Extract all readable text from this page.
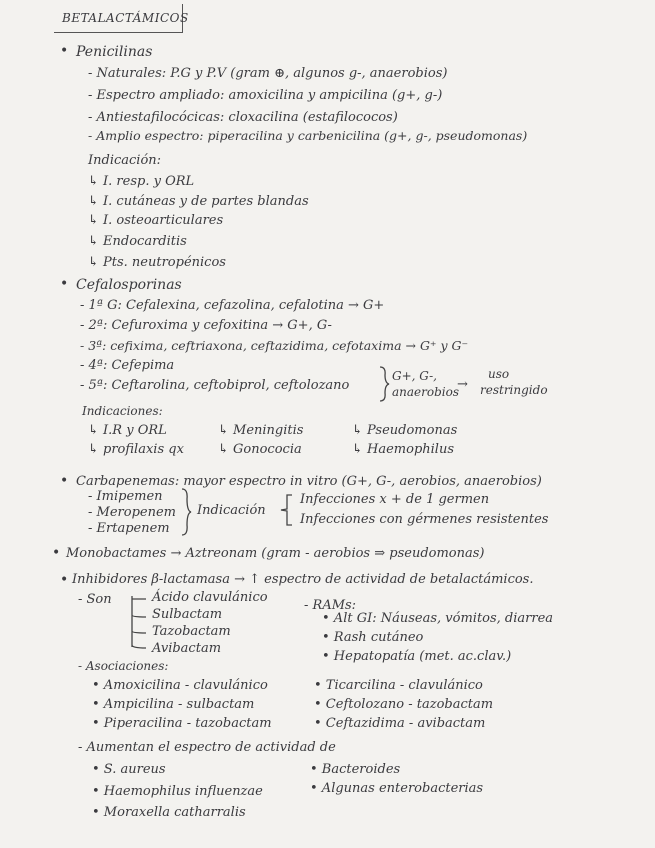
BETALACTÁMICOS
• Penicilinas
- Naturales: P.G y P.V (gram ⊕, algunos g-, anaerobios)
- Espectro ampliado: amoxicilina y ampicilina (g+, g-)
- Antiestafilocócicas: cloxacilina (estafilococos)
- Amplio espectro: piperacilina y carbenicilina (g+, g-, pseudomonas)
Indicación:
↳ I. resp. y ORL
↳ I. cutáneas y de partes blandas
↳ I. osteoarticulares
↳ Endocarditis
↳ Pts. neutropénicos
• Cefalosporinas
- 1ª G: Cefalexina, cefazolina, cefalotina → G+
- 2ª: Cefuroxima y cefoxitina → G+, G-
- 3ª: cefixima, ceftriaxona, ceftazidima, cefotaxima → G⁺ y G⁻
- 4ª: Cefepima
- 5ª: Ceftarolina, ceftobiprol, ceftolozano
G+, G-,
anaerobios
→
uso
restringido
Indicaciones:
↳ I.R y ORL
↳ profilaxis qx
↳ Meningitis
↳ Gonococia
↳ Pseudomonas
↳ Haemophilus
• Carbapenemas: mayor espectro in vitro (G+, G-, aerobios, anaerobios)
- Imipemen
- Meropenem
- Ertapenem
Indicación
Infecciones x + de 1 germen
Infecciones con gérmenes resistentes
• Monobactames → Aztreonam (gram - aerobios ⇒ pseudomonas)
• Inhibidores β-lactamasa → ↑ espectro de actividad de betalactámicos.
- Son	Ácido clavulánico
Sulbactam
Tazobactam
Avibactam
- RAMs:
• Alt GI: Náuseas, vómitos, diarrea
• Rash cutáneo
• Hepatopatía (met. ac.clav.)
- Asociaciones:
• Amoxicilina - clavulánico
• Ampicilina - sulbactam
• Piperacilina - tazobactam
• Ticarcilina - clavulánico
• Ceftolozano - tazobactam
• Ceftazidima - avibactam
- Aumentan el espectro de actividad de
• S. aureus
• Haemophilus influenzae
• Moraxella catharralis
• Bacteroides
• Algunas enterobacterias
